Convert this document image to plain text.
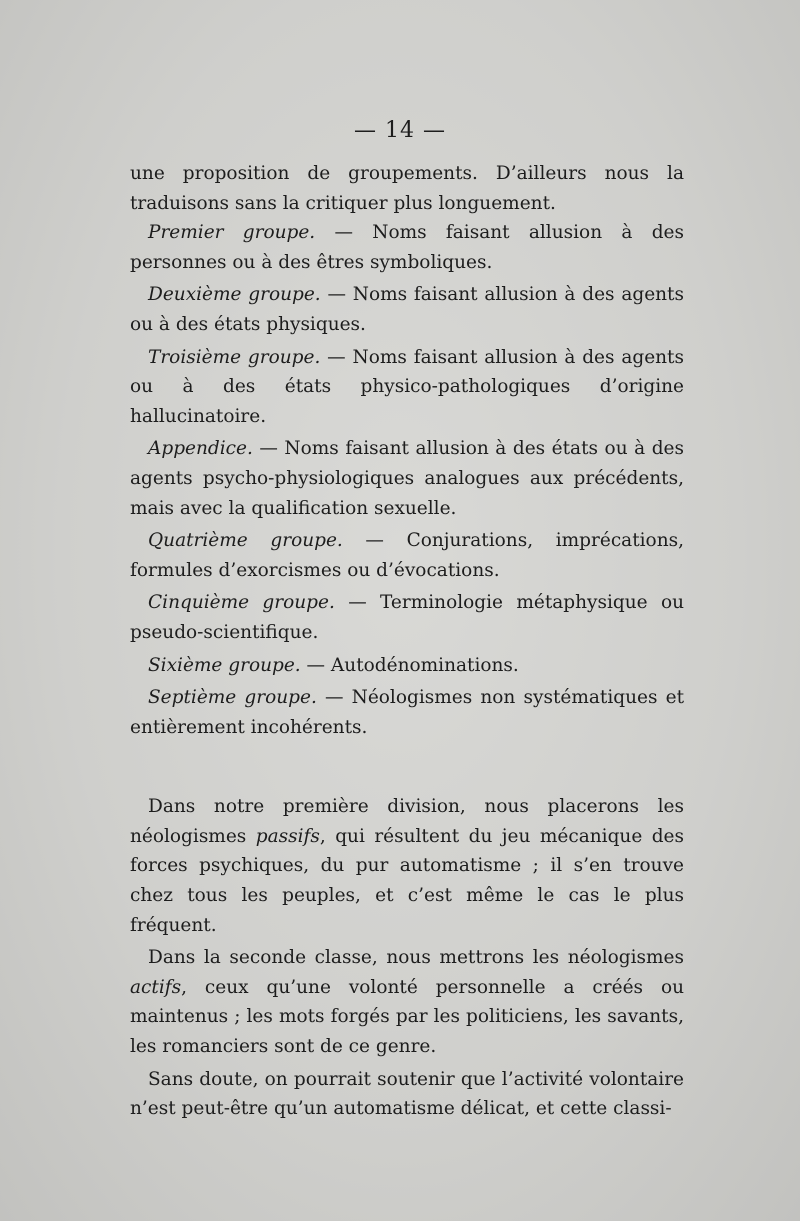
— 14 —

une proposition de groupements. D’ailleurs nous la traduisons sans la critiquer plus longuement.

Premier groupe. — Noms faisant allusion à des personnes ou à des êtres symboliques.

Deuxième groupe. — Noms faisant allusion à des agents ou à des états physiques.

Troisième groupe. — Noms faisant allusion à des agents ou à des états physico-pathologiques d’origine hallucinatoire.

Appendice. — Noms faisant allusion à des états ou à des agents psycho-physiologiques analogues aux précédents, mais avec la qualification sexuelle.

Quatrième groupe. — Conjurations, imprécations, formules d’exorcismes ou d’évocations.

Cinquième groupe. — Terminologie métaphysique ou pseudo-scientifique.

Sixième groupe. — Autodénominations.

Septième groupe. — Néologismes non systématiques et entièrement incohérents.

Dans notre première division, nous placerons les néologismes passifs, qui résultent du jeu mécanique des forces psychiques, du pur automatisme ; il s’en trouve chez tous les peuples, et c’est même le cas le plus fréquent.

Dans la seconde classe, nous mettrons les néologismes actifs, ceux qu’une volonté personnelle a créés ou maintenus ; les mots forgés par les politiciens, les savants, les romanciers sont de ce genre.

Sans doute, on pourrait soutenir que l’activité volontaire n’est peut-être qu’un automatisme délicat, et cette classi-
